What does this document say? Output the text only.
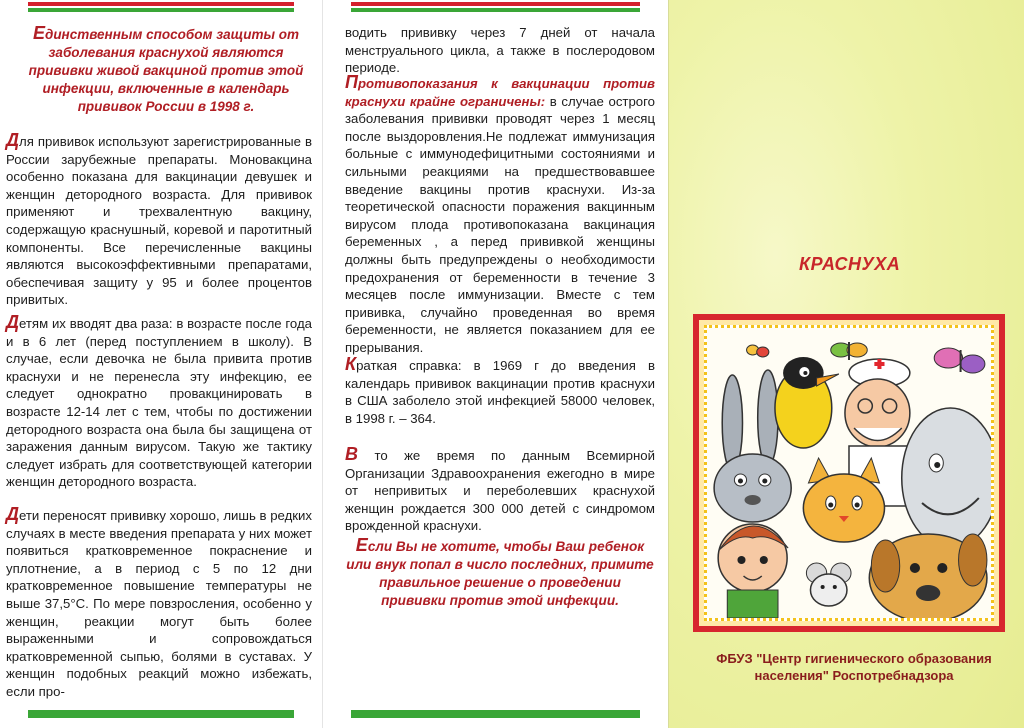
Единственным способом защиты от заболевания краснухой являются прививки живой вакциной против этой инфекции, включенные в календарь прививок России в 1998 г.
Для прививок используют зарегистрированные в России зарубежные препараты. Моновакцина особенно показана для вакцинации девушек и женщин детородного возраста. Для прививок применяют и трехвалентную вакцину, содержащую краснушный, коревой и паротитный компоненты. Все перечисленные вакцины являются высокоэффективными препаратами, обеспечивая защиту у 95 и более процентов привитых.
Детям их вводят два раза: в возрасте после года и в 6 лет (перед поступлением в школу). В случае, если девочка не была привита против краснухи и не перенесла эту инфекцию, ее следует однократно провакцинировать в возрасте 12-14 лет с тем, чтобы по достижении детородного возраста она была бы защищена от заражения данным вирусом. Такую же тактику следует избрать для соответствующей категории женщин детородного возраста.
Дети переносят прививку хорошо, лишь в редких случаях в месте введения препарата у них может появиться кратковременное покраснение и уплотнение, а в период с 5 по 12 дни кратковременное повышение температуры не выше 37,5°С. По мере повзросления, особенно у женщин, реакции могут быть более выраженными и сопровождаться кратковременной сыпью, болями в суставах. У женщин подобных реакций можно избежать, если про-
водить прививку через 7 дней от начала менструального цикла, а также в послеродовом периоде.
Противопоказания к вакцинации против краснухи крайне ограничены: в случае острого заболевания прививки проводят через 1 месяц после выздоровления.Не подлежат иммунизация больные с иммунодефицитными состояниями и сильными реакциями на предшествовавшее введение вакцины против краснухи. Из-за теоретической опасности поражения вакцинным вирусом плода противопоказана вакцинация беременных , а перед прививкой женщины должны быть предупреждены о необходимости предохранения от беременности в течение 3 месяцев после иммунизации. Вместе с тем прививка, случайно проведенная во время беременности, не является показанием для ее прерывания.
Краткая справка: в 1969 г до введения в календарь прививок вакцинации против краснухи в США заболело этой инфекцией 58000 человек, в 1998 г. – 364.
В то же время по данным Всемирной Организации Здравоохранения ежегодно в мире от непривитых и переболевших краснухой женщин рождается 300 000 детей с синдромом врожденной краснухи.
Если Вы не хотите, чтобы Ваш ребенок или внук попал в число последних, примите правильное решение о проведении прививки против этой инфекции.
КРАСНУХА
ФБУЗ "Центр гигиенического образования
населения" Роспотребнадзора
